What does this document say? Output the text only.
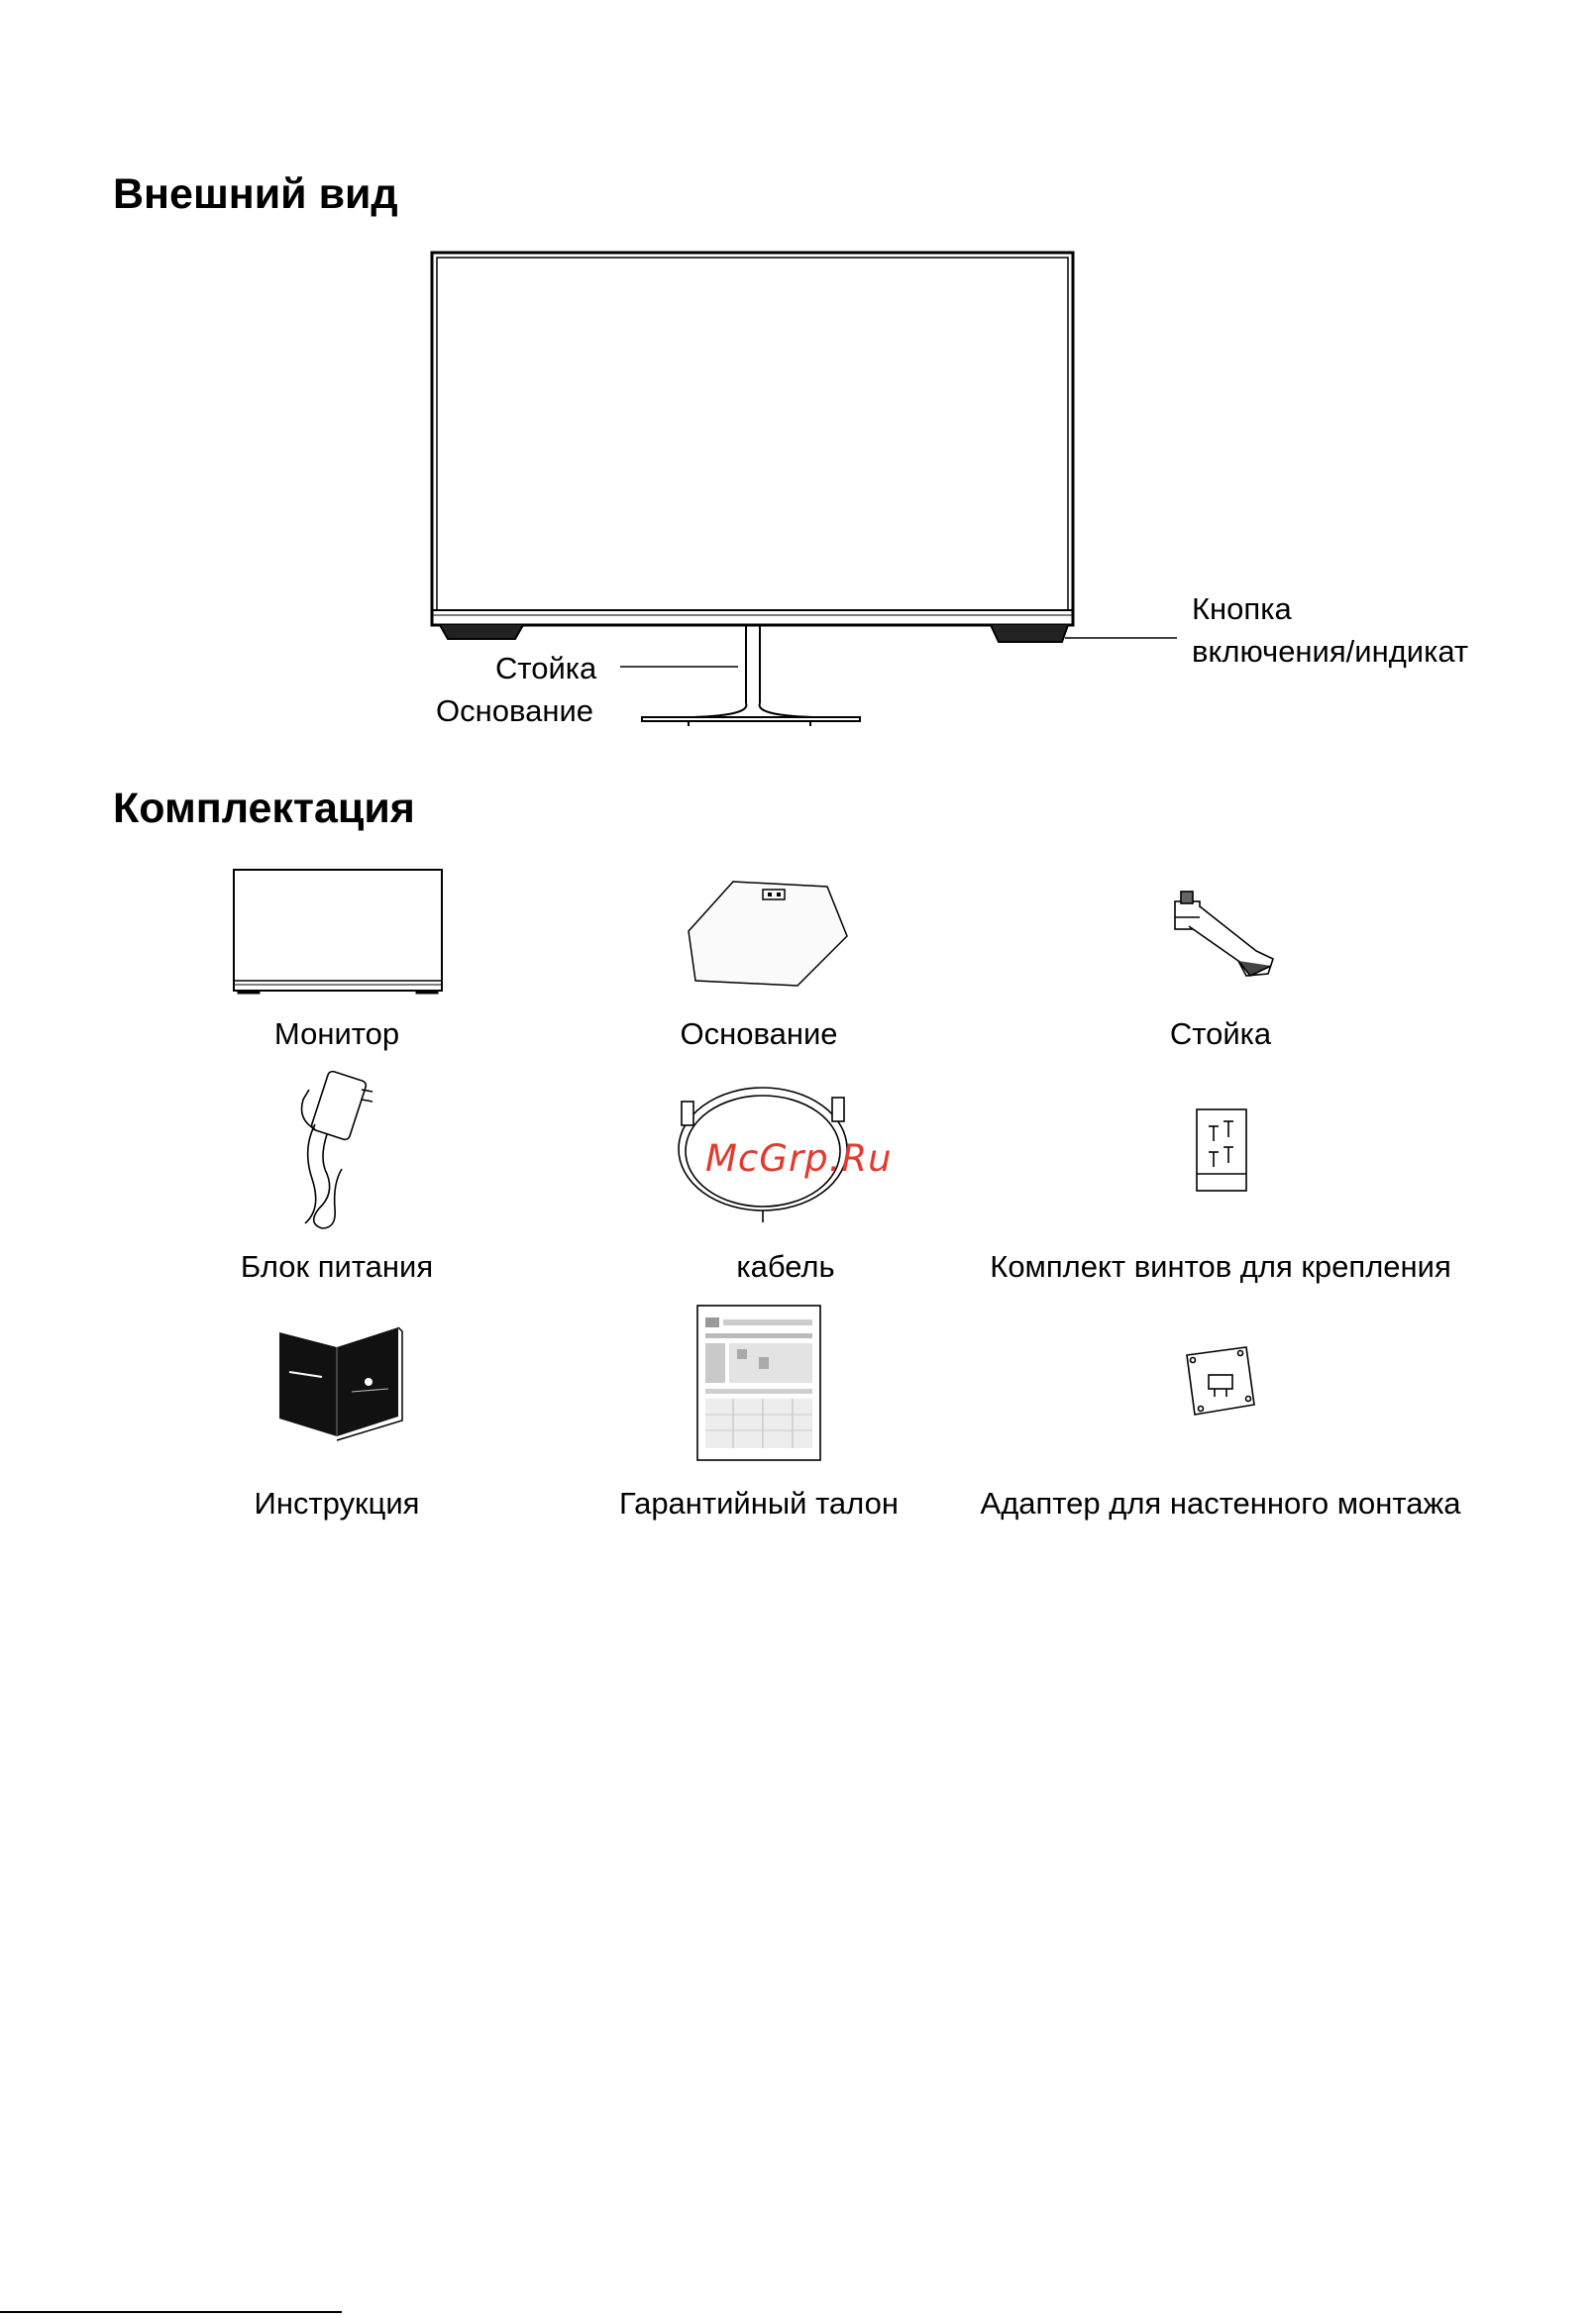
Внешний вид
Кнопка
включения/индикат
Стойка
Основание
Комплектация
Монитор	Основание	Стойка
Блок питания	кабель	Комплект винтов для крепления
Инструкция	Гарантийный талон	Адаптер для настенного монтажа
McGrp.Ru
